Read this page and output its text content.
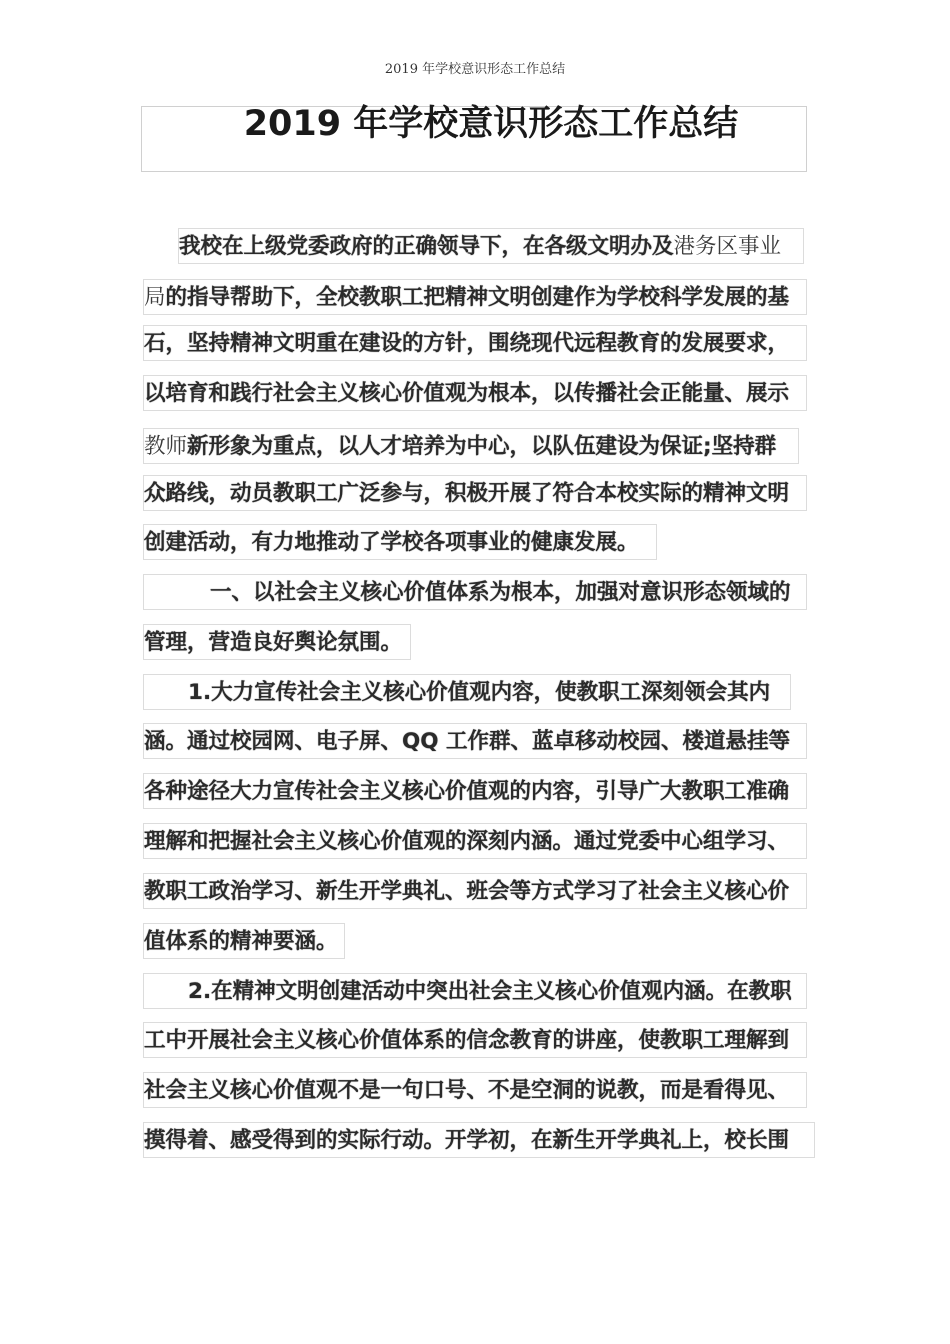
2019 年学校意识形态工作总结
2019 年学校意识形态工作总结
我校在上级党委政府的正确领导下，在各级文明办及港务区事业
局的指导帮助下，全校教职工把精神文明创建作为学校科学发展的基
石，坚持精神文明重在建设的方针，围绕现代远程教育的发展要求，
以培育和践行社会主义核心价值观为根本，以传播社会正能量、展示
教师新形象为重点，以人才培养为中心，以队伍建设为保证;坚持群
众路线，动员教职工广泛参与，积极开展了符合本校实际的精神文明
创建活动，有力地推动了学校各项事业的健康发展。
一、以社会主义核心价值体系为根本，加强对意识形态领域的
管理，营造良好舆论氛围。
1.大力宣传社会主义核心价值观内容，使教职工深刻领会其内
涵。通过校园网、电子屏、QQ 工作群、蓝卓移动校园、楼道悬挂等
各种途径大力宣传社会主义核心价值观的内容，引导广大教职工准确
理解和把握社会主义核心价值观的深刻内涵。通过党委中心组学习、
教职工政治学习、新生开学典礼、班会等方式学习了社会主义核心价
值体系的精神要涵。
2.在精神文明创建活动中突出社会主义核心价值观内涵。在教职
工中开展社会主义核心价值体系的信念教育的讲座，使教职工理解到
社会主义核心价值观不是一句口号、不是空洞的说教，而是看得见、
摸得着、感受得到的实际行动。开学初，在新生开学典礼上，校长围
